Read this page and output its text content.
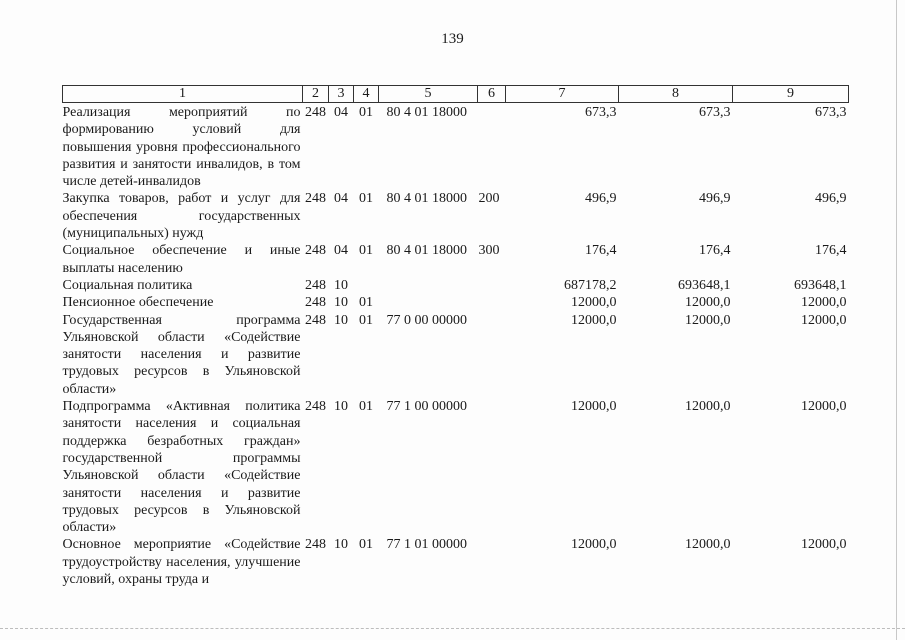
139
1	2	3	4	5	6	7	8	9
Реализация мероприятий по формированию условий для повышения уровня профессионального развития и занятости инвалидов, в том числе детей-инвалидов	248	04	01	80 4 01 18000		673,3	673,3	673,3
Закупка товаров, работ и услуг для обеспечения государственных (муниципальных) нужд	248	04	01	80 4 01 18000	200	496,9	496,9	496,9
Социальное обеспечение и иные выплаты населению	248	04	01	80 4 01 18000	300	176,4	176,4	176,4
Социальная политика	248	10				687178,2	693648,1	693648,1
Пенсионное обеспечение	248	10	01			12000,0	12000,0	12000,0
Государственная программа Ульяновской области «Содействие занятости населения и развитие трудовых ресурсов в Ульяновской области»	248	10	01	77 0 00 00000		12000,0	12000,0	12000,0
Подпрограмма «Активная политика занятости населения и социальная поддержка безработных граждан» государственной программы Ульяновской области «Содействие занятости населения и развитие трудовых ресурсов в Ульяновской области»	248	10	01	77 1 00 00000		12000,0	12000,0	12000,0
Основное мероприятие «Содействие трудоустройству населения, улучшение условий, охраны труда и	248	10	01	77 1 01 00000		12000,0	12000,0	12000,0
